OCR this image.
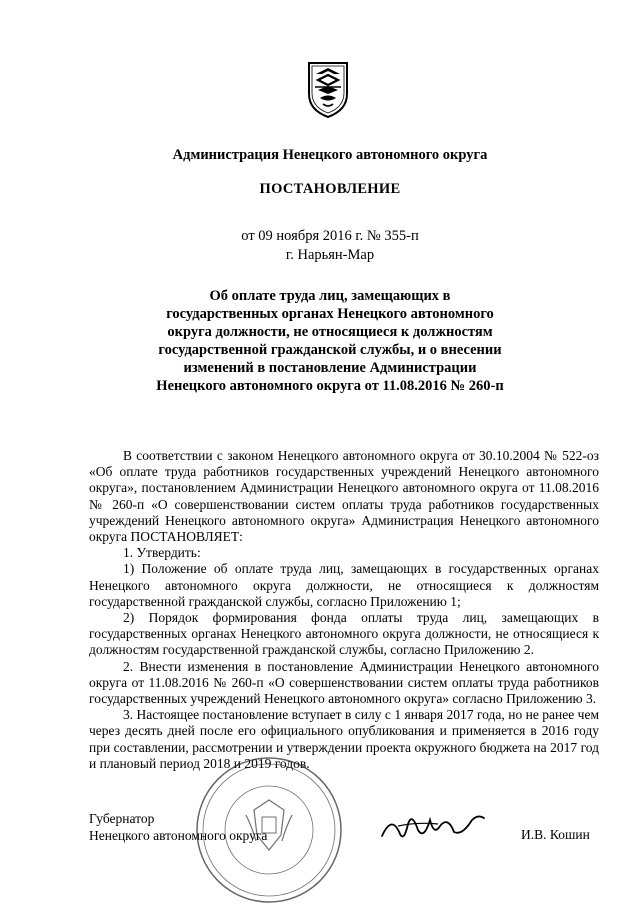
Администрация Ненецкого автономного округа
ПОСТАНОВЛЕНИЕ
от 09 ноября 2016 г. № 355-п
г. Нарьян-Мар
Об оплате труда лиц, замещающих в
государственных органах Ненецкого автономного
округа должности, не относящиеся к должностям
государственной гражданской службы, и о внесении
изменений в постановление Администрации
Ненецкого автономного округа от 11.08.2016 № 260-п

В соответствии с законом Ненецкого автономного округа от 30.10.2004 № 522-оз «Об оплате труда работников государственных учреждений Ненецкого автономного округа», постановлением Администрации Ненецкого автономного округа от 11.08.2016 № 260-п «О совершенствовании систем оплаты труда работников государственных учреждений Ненецкого автономного округа» Администрация Ненецкого автономного округа ПОСТАНОВЛЯЕТ:

1. Утвердить:

1) Положение об оплате труда лиц, замещающих в государственных органах Ненецкого автономного округа должности, не относящиеся к должностям государственной гражданской службы, согласно Приложению 1;

2) Порядок формирования фонда оплаты труда лиц, замещающих в государственных органах Ненецкого автономного округа должности, не относящиеся к должностям государственной гражданской службы, согласно Приложению 2.

2. Внести изменения в постановление Администрации Ненецкого автономного округа от 11.08.2016 № 260-п «О совершенствовании систем оплаты труда работников государственных учреждений Ненецкого автономного округа» согласно Приложению 3.

3. Настоящее постановление вступает в силу с 1 января 2017 года, но не ранее чем через десять дней после его официального опубликования и применяется в 2016 году при составлении, рассмотрении и утверждении проекта окружного бюджета на 2017 год и плановый период 2018 и 2019 годов.

Губернатор
Ненецкого автономного округа	И.В. Кошин
